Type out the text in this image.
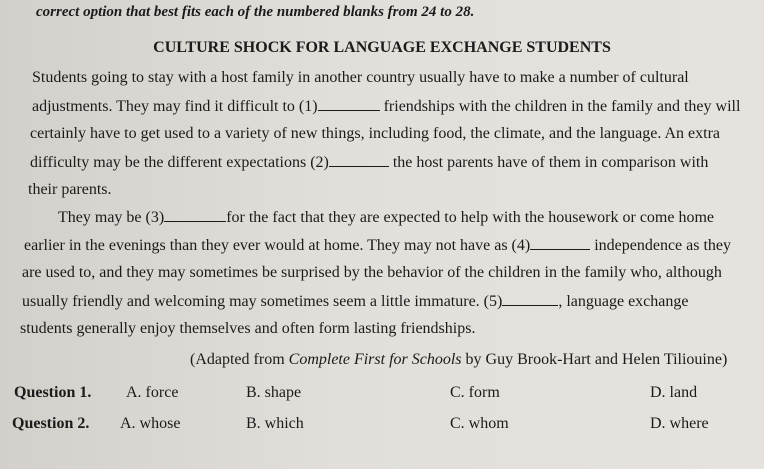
correct option that best fits each of the numbered blanks from 24 to 28.
CULTURE SHOCK FOR LANGUAGE EXCHANGE STUDENTS
Students going to stay with a host family in another country usually have to make a number of cultural
adjustments. They may find it difficult to (1)	friendships with the children in the family and they will
certainly have to get used to a variety of new things, including food, the climate, and the language. An extra
difficulty may be the different expectations (2)	the host parents have of them in comparison with
their parents.
They may be (3)	for the fact that they are expected to help with the housework or come home
earlier in the evenings than they ever would at home. They may not have as (4)	independence as they
are used to, and they may sometimes be surprised by the behavior of the children in the family who, although
usually friendly and welcoming may sometimes seem a little immature. (5)	, language exchange
students generally enjoy themselves and often form lasting friendships.
(Adapted from Complete First for Schools by Guy Brook-Hart and Helen Tiliouine)
Question 1. A. force	B. shape	C. form	D. land
Question 2. A. whose	B. which	C. whom	D. where
